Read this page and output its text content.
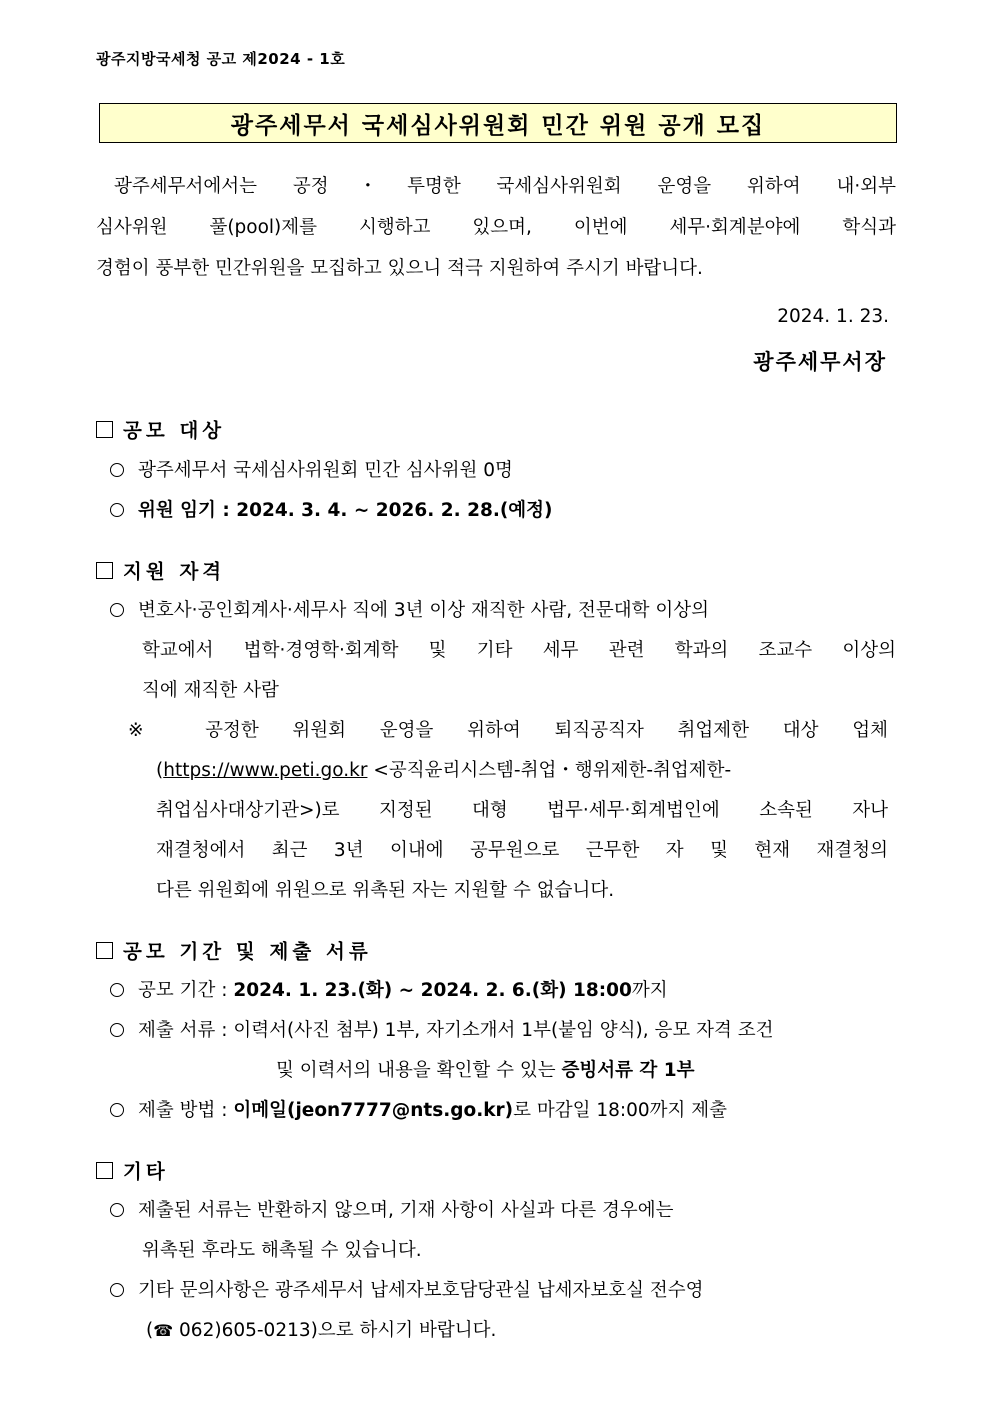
광주지방국세청 공고 제2024 - 1호
광주세무서 국세심사위원회 민간 위원 공개 모집
광주세무서에서는 공정・투명한 국세심사위원회 운영을 위하여 내·외부
심사위원 풀(pool)제를 시행하고 있으며, 이번에 세무·회계분야에 학식과
경험이 풍부한 민간위원을 모집하고 있으니 적극 지원하여 주시기 바랍니다.
2024. 1. 23.
광주세무서장
공모 대상
광주세무서 국세심사위원회 민간 심사위원 0명
위원 임기 : 2024. 3. 4. ~ 2026. 2. 28.(예정)
지원 자격
변호사·공인회계사·세무사 직에 3년 이상 재직한 사람, 전문대학 이상의
학교에서 법학·경영학·회계학 및 기타 세무 관련 학과의 조교수 이상의
직에 재직한 사람
※ 공정한 위원회 운영을 위하여 퇴직공직자 취업제한 대상 업체
(https://www.peti.go.kr <공직윤리시스템-취업・행위제한-취업제한-
취업심사대상기관>)로 지정된 대형 법무·세무·회계법인에 소속된 자나
재결청에서 최근 3년 이내에 공무원으로 근무한 자 및 현재 재결청의
다른 위원회에 위원으로 위촉된 자는 지원할 수 없습니다.
공모 기간 및 제출 서류
공모 기간 : 2024. 1. 23.(화) ~ 2024. 2. 6.(화) 18:00까지
제출 서류 : 이력서(사진 첨부) 1부, 자기소개서 1부(붙임 양식), 응모 자격 조건
및 이력서의 내용을 확인할 수 있는 증빙서류 각 1부
제출 방법 : 이메일(jeon7777@nts.go.kr)로 마감일 18:00까지 제출
기타
제출된 서류는 반환하지 않으며, 기재 사항이 사실과 다른 경우에는
위촉된 후라도 해촉될 수 있습니다.
기타 문의사항은 광주세무서 납세자보호담당관실 납세자보호실 전수영
(☎ 062)605-0213)으로 하시기 바랍니다.
